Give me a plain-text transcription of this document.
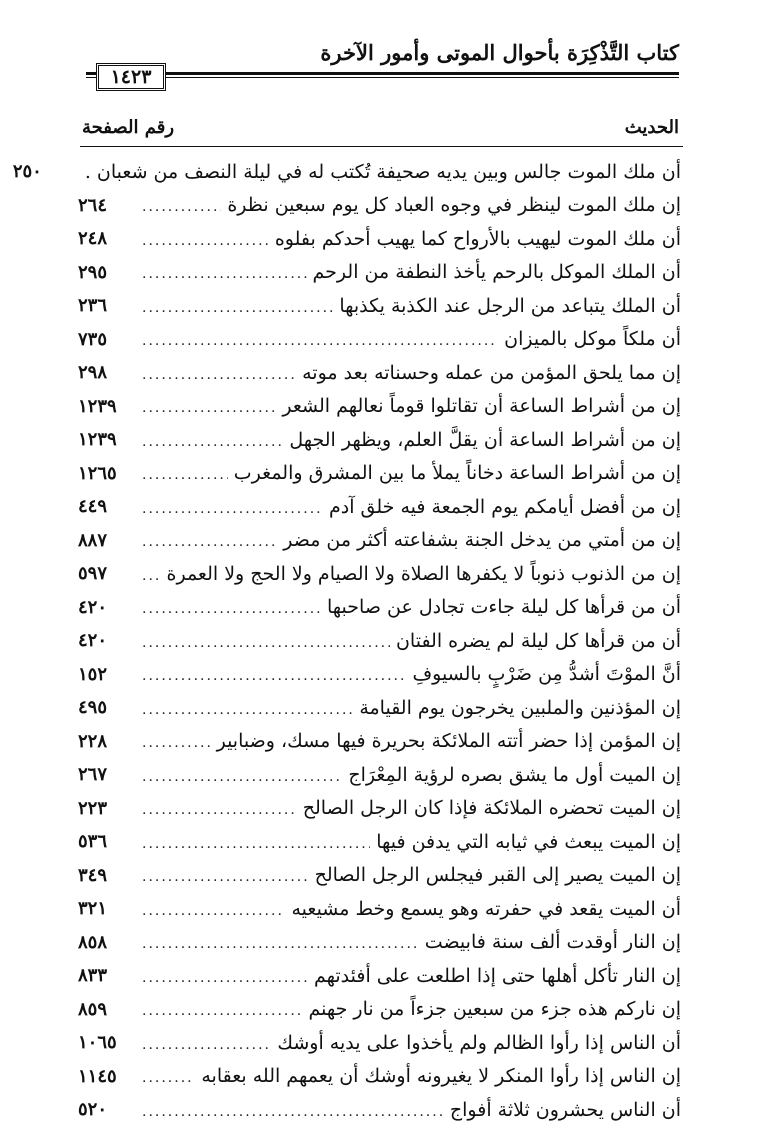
كتاب التَّذْكِرَة بأحوال الموتى وأمور الآخرة
١٤٢٣
الحديث
رقم الصفحة
أن ملك الموت جالس وبين يديه صحيفة تُكتب له في ليلة النصف من شعبان .
٢٥٠
إن ملك الموت لينظر في وجوه العباد كل يوم سبعين نظرة
.....
٢٦٤
أن ملك الموت ليهيب بالأرواح كما يهيب أحدكم بفلوه
.....
٢٤٨
أن الملك الموكل بالرحم يأخذ النطفة من الرحم
.....
٢٩٥
أن الملك يتباعد من الرجل عند الكذبة يكذبها
.....
٢٣٦
أن ملكاً موكل بالميزان
.....
٧٣٥
إن مما يلحق المؤمن من عمله وحسناته بعد موته
.....
٢٩٨
إن من أشراط الساعة أن تقاتلوا قوماً نعالهم الشعر
.....
١٢٣٩
إن من أشراط الساعة أن يقلَّ العلم، ويظهر الجهل
.....
١٢٣٩
إن من أشراط الساعة دخاناً يملأ ما بين المشرق والمغرب
.....
١٢٦٥
إن من أفضل أيامكم يوم الجمعة فيه خلق آدم
.....
٤٤٩
إن من أمتي من يدخل الجنة بشفاعته أكثر من مضر
.....
٨٨٧
إن من الذنوب ذنوباً لا يكفرها الصلاة ولا الصيام ولا الحج ولا العمرة
.....
٥٩٧
أن من قرأها كل ليلة جاءت تجادل عن صاحبها
.....
٤٢٠
أن من قرأها كل ليلة لم يضره الفتان
.....
٤٢٠
أنَّ الموْتَ أشدُّ مِن ضَرْبٍ بالسيوفِ
.....
١٥٢
إن المؤذنين والملبين يخرجون يوم القيامة
.....
٤٩٥
إن المؤمن إذا حضر أتته الملائكة بحريرة فيها مسك، وضبابير
.....
٢٢٨
إن الميت أول ما يشق بصره لرؤية المِعْرَاج
.....
٢٦٧
إن الميت تحضره الملائكة فإذا كان الرجل الصالح
.....
٢٢٣
إن الميت يبعث في ثيابه التي يدفن فيها
.....
٥٣٦
إن الميت يصير إلى القبر فيجلس الرجل الصالح
.....
٣٤٩
أن الميت يقعد في حفرته وهو يسمع وخط مشيعيه
.....
٣٢١
إن النار أوقدت ألف سنة فابيضت
.....
٨٥٨
إن النار تأكل أهلها حتى إذا اطلعت على أفئدتهم
.....
٨٣٣
إن ناركم هذه جزء من سبعين جزءاً من نار جهنم
.....
٨٥٩
أن الناس إذا رأوا الظالم ولم يأخذوا على يديه أوشك
.....
١٠٦٥
إن الناس إذا رأوا المنكر لا يغيرونه أوشك أن يعمهم الله بعقابه
.....
١١٤٥
أن الناس يحشرون ثلاثة أفواج
.....
٥٢٠
